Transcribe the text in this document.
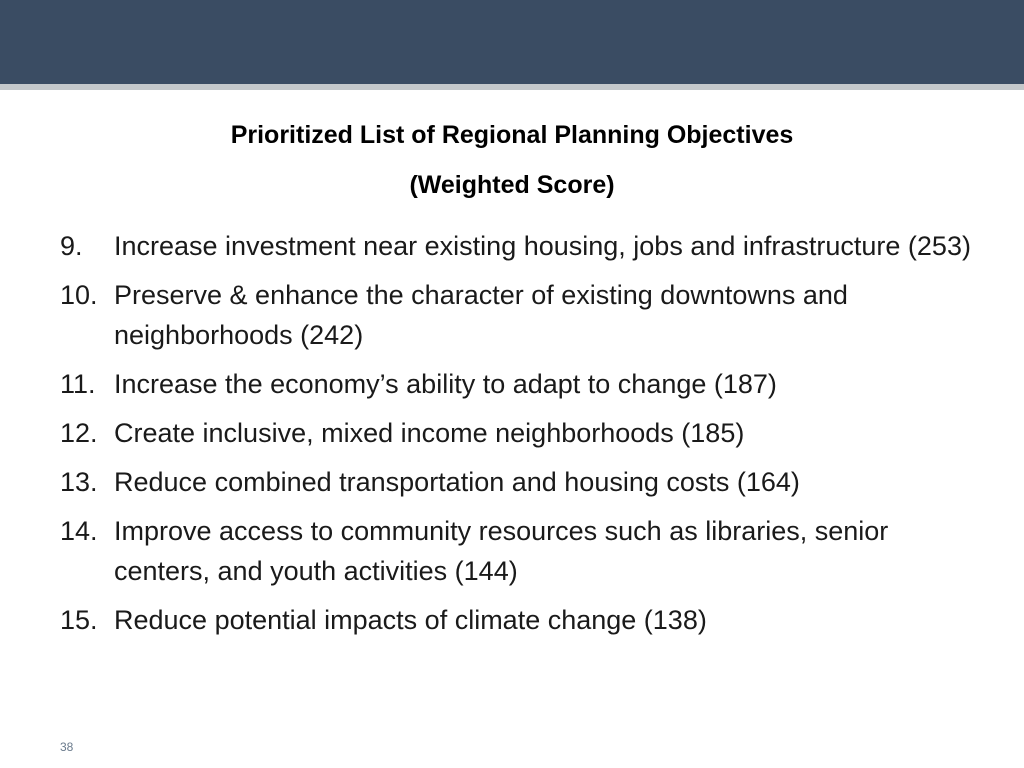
Prioritized List of Regional Planning Objectives
(Weighted Score)
9.	Increase investment near existing housing, jobs and infrastructure (253)
10. Preserve & enhance the character of existing downtowns and neighborhoods (242)
11. Increase the economy’s ability to adapt to change (187)
12. Create inclusive, mixed income neighborhoods (185)
13. Reduce combined transportation and housing costs (164)
14. Improve access to community resources such as libraries, senior centers, and youth activities (144)
15. Reduce potential impacts of climate change (138)
38
